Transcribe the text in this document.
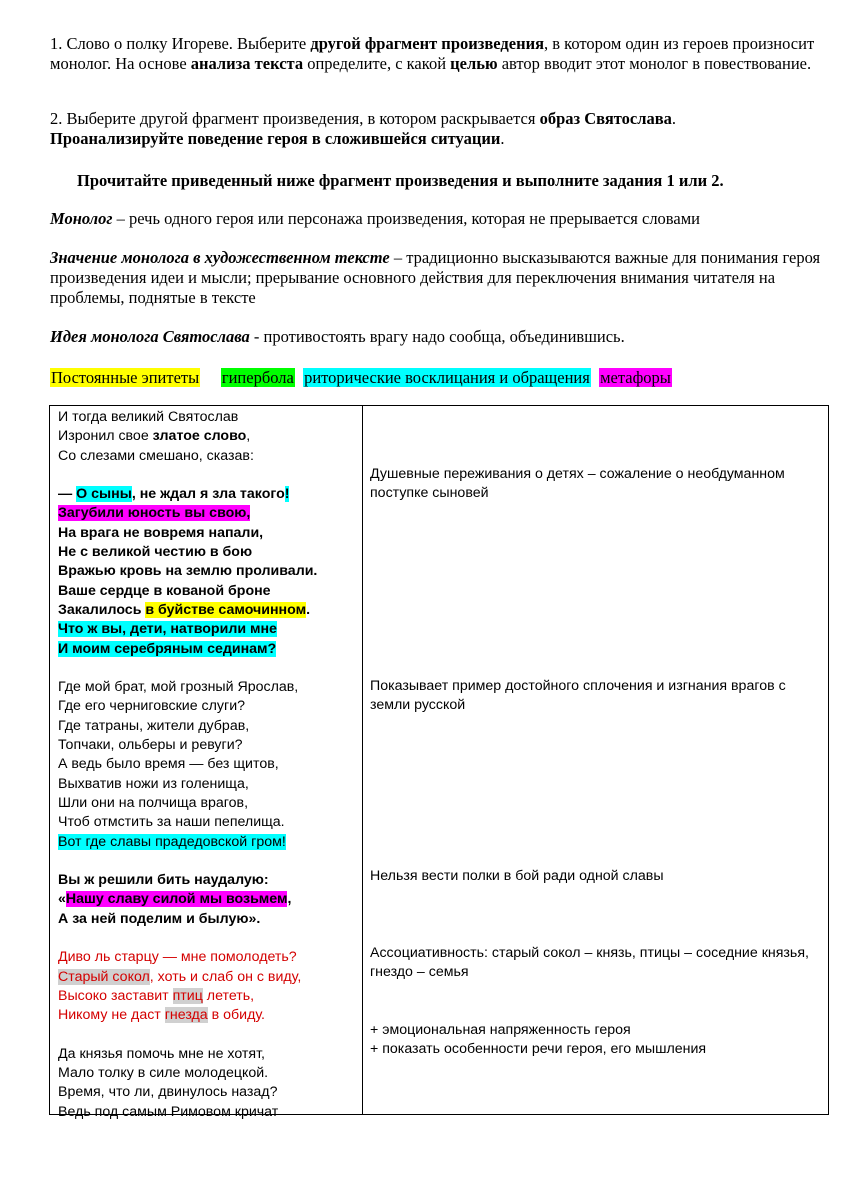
1. Слово о полку Игореве. Выберите другой фрагмент произведения, в котором один из героев произносит монолог. На основе анализа текста определите, с какой целью автор вводит этот монолог в повествование.
2. Выберите другой фрагмент произведения, в котором раскрывается образ Святослава.
Проанализируйте поведение героя в сложившейся ситуации.
Прочитайте приведенный ниже фрагмент произведения и выполните задания 1 или 2.
Монолог – речь одного героя или персонажа произведения, которая не прерывается словами
Значение монолога в художественном тексте – традиционно высказываются важные для понимания героя произведения идеи и мысли; прерывание основного действия для переключения внимания читателя на проблемы, поднятые в тексте
Идея монолога Святослава - противостоять врагу надо сообща, объединившись.
Постоянные эпитеты гипербола риторические восклицания и обращения метафоры
И тогда великий Святослав
Изронил свое златое слово,
Со слезами смешано, сказав:
— О сыны, не ждал я зла такого!
Загубили юность вы свою,
На врага не вовремя напали,
Не с великой честию в бою
Вражью кровь на землю проливали.
Ваше сердце в кованой броне
Закалилось в буйстве самочинном.
Что ж вы, дети, натворили мне
И моим серебряным сединам?
Где мой брат, мой грозный Ярослав,
Где его черниговские слуги?
Где татраны, жители дубрав,
Топчаки, ольберы и ревуги?
А ведь было время — без щитов,
Выхватив ножи из голенища,
Шли они на полчища врагов,
Чтоб отмстить за наши пепелища.
Вот где славы прадедовской гром!
Вы ж решили бить наудалую:
«Нашу славу силой мы возьмем,
А за ней поделим и былую».
Диво ль старцу — мне помолодеть?
Старый сокол, хоть и слаб он с виду,
Высоко заставит птиц лететь,
Никому не даст гнезда в обиду.
Да князья помочь мне не хотят,
Мало толку в силе молодецкой.
Время, что ли, двинулось назад?
Ведь под самым Римовом кричат
Душевные переживания о детях – сожаление о необдуманном поступке сыновей
Показывает пример достойного сплочения и изгнания врагов с земли русской
Нельзя вести полки в бой ради одной славы
Ассоциативность: старый сокол – князь, птицы – соседние князья, гнездо – семья
+ эмоциональная напряженность героя
+ показать особенности речи героя, его мышления
